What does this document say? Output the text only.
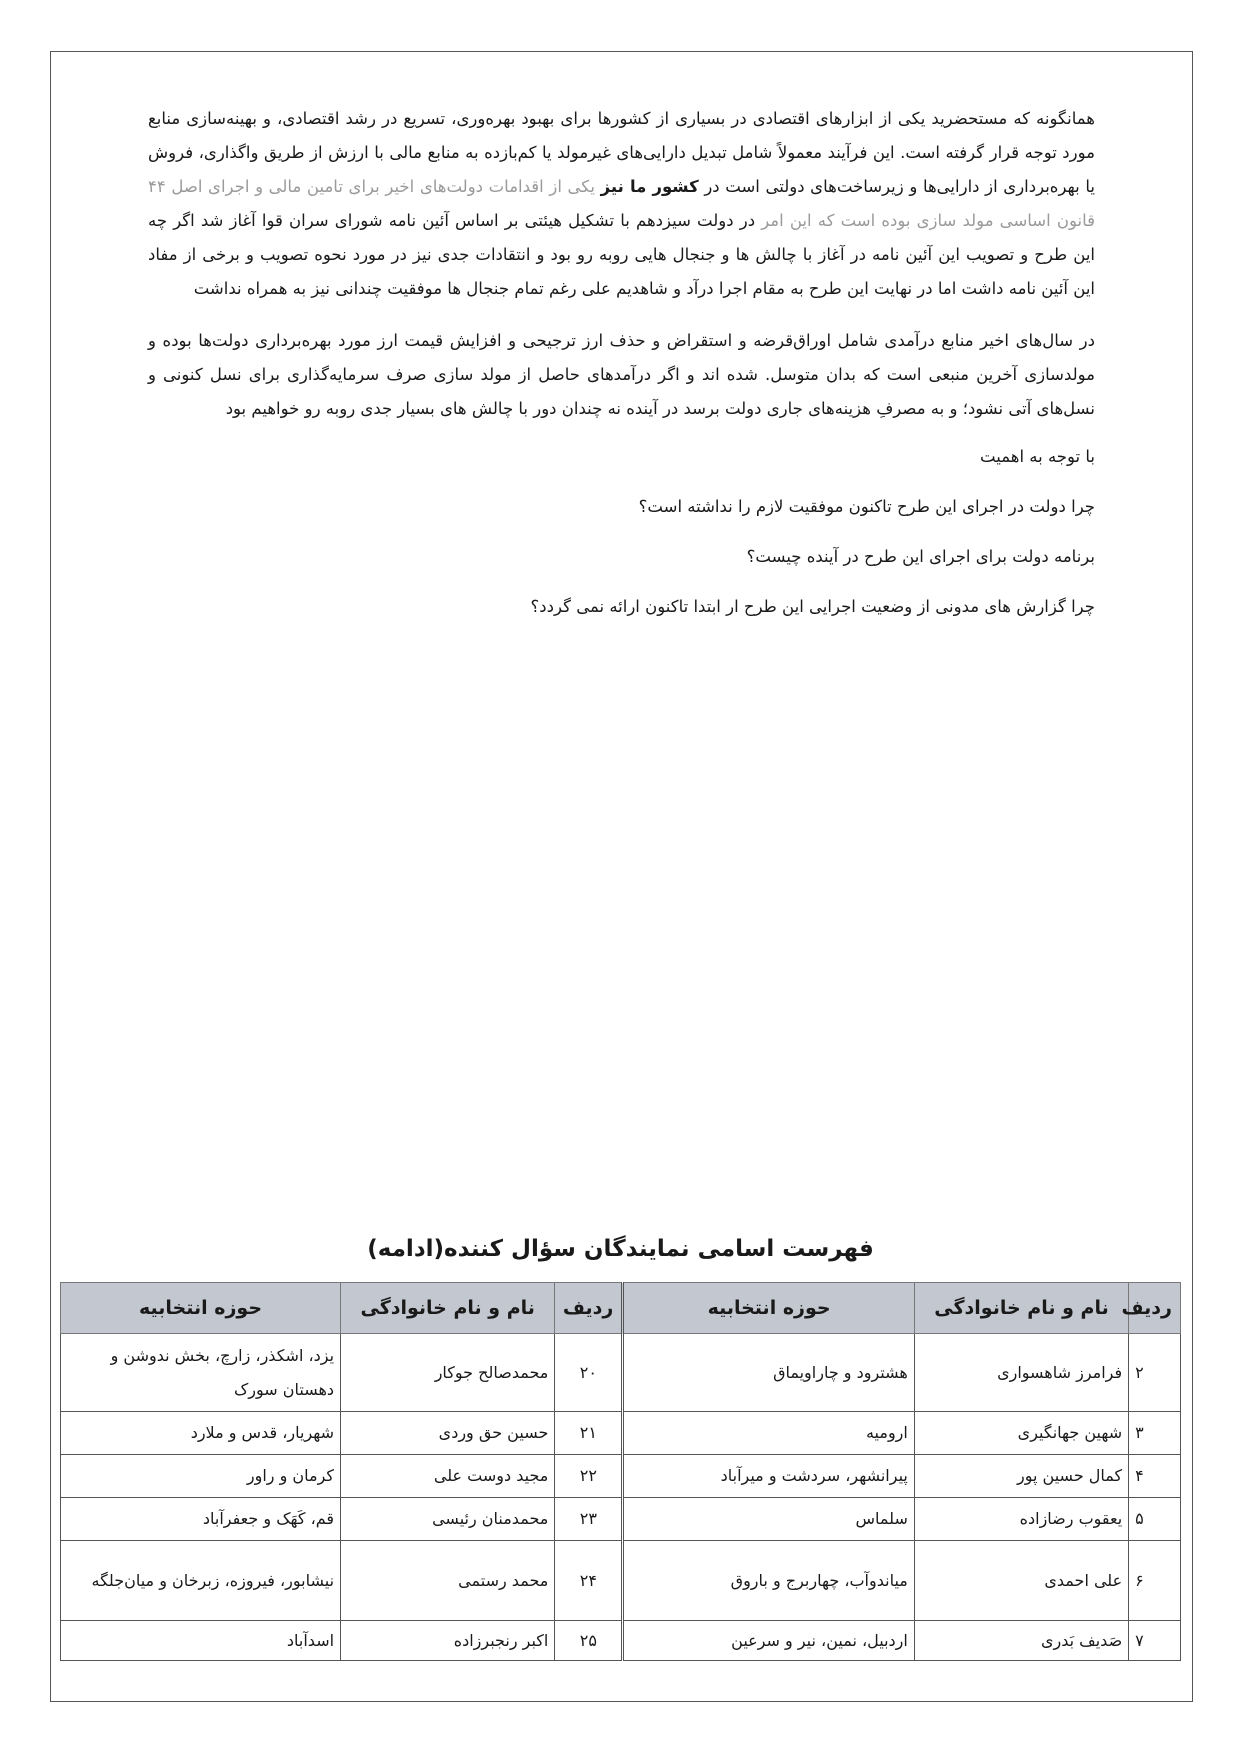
همانگونه که مستحضرید یکی از ابزارهای اقتصادی در بسیاری از کشورها برای بهبود بهره‌وری، تسریع در رشد اقتصادی، و بهینه‌سازی منابع مورد توجه قرار گرفته است. این فرآیند معمولاً شامل تبدیل دارایی‌های غیرمولد یا کم‌بازده به منابع مالی با ارزش از طریق واگذاری، فروش یا بهره‌برداری از دارایی‌ها و زیرساخت‌های دولتی است در کشور ما نیز یکی از اقدامات دولت‌های اخیر برای تامین مالی و اجرای اصل ۴۴ قانون اساسی مولد سازی بوده است که این امر در دولت سیزدهم با تشکیل هیئتی بر اساس آئین نامه شورای سران قوا آغاز شد اگر چه این طرح و تصویب این آئین نامه در آغاز با چالش ها و جنجال هایی روبه رو بود و انتقادات جدی نیز در مورد نحوه تصویب و برخی از مفاد این آئین نامه داشت اما در نهایت این طرح به مقام اجرا درآد و شاهدیم علی رغم تمام جنجال ها موفقیت چندانی نیز به همراه نداشت

در سال‌های اخیر منابع درآمدی شامل اوراق‌قرضه و استقراض و حذف ارز ترجیحی و افزایش قیمت ارز مورد بهره‌برداری دولت‌ها بوده و مولدسازی آخرین منبعی است که بدان متوسل. شده اند و اگر درآمدهای حاصل از مولد سازی صرف سرمایه‌گذاری برای نسل کنونی و نسل‌های آتی نشود؛ و به مصرفِ هزینه‌های جاری دولت برسد در آینده نه چندان دور با چالش های بسیار جدی روبه رو خواهیم بود

با توجه به اهمیت

چرا دولت در اجرای این طرح تاکنون موفقیت لازم را نداشته است؟

برنامه دولت برای اجرای این طرح در آینده چیست؟

چرا گزارش های مدونی از وضعیت اجرایی این طرح ار ابتدا تاکنون ارائه نمی گردد؟

فهرست اسامی نمایندگان سؤال کننده(ادامه)
ردیف	نام و نام خانوادگی	حوزه انتخابیه	ردیف	نام و نام خانوادگی	حوزه انتخابیه
۲	فرامرز شاهسواری	هشترود و چاراویماق	۲۰	محمدصالح جوکار	یزد، اشکذر، زارچ، بخش ندوشن و دهستان سورک
۳	شهین جهانگیری	ارومیه	۲۱	حسین حق وردی	شهریار، قدس و ملارد
۴	کمال حسین پور	پیرانشهر، سردشت و میرآباد	۲۲	مجید دوست علی	کرمان و راور
۵	یعقوب رضازاده	سلماس	۲۳	محمدمنان رئیسی	قم، کَهَک و جعفرآباد
۶	علی احمدی	میاندوآب، چهاربرج و باروق	۲۴	محمد رستمی	نیشابور، فیروزه، زبرخان و میان‌جلگه
۷	صَدیف بَدری	اردبیل، نمین، نیر و سرعین	۲۵	اکبر رنجبرزاده	اسدآباد
